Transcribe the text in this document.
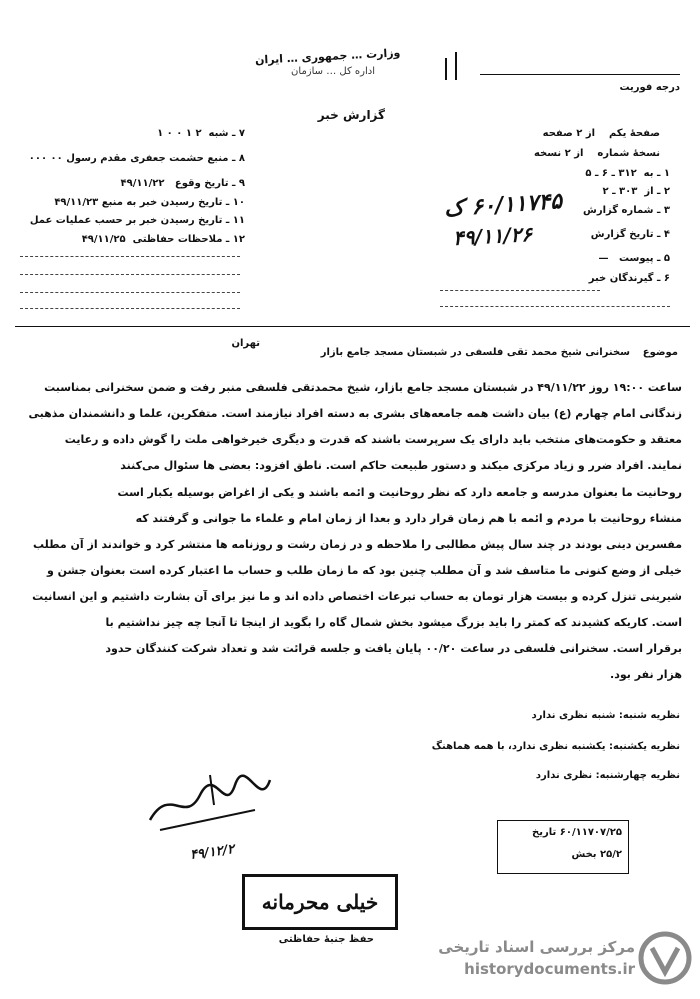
وزارت … جمهوری … ایران
اداره کل … سازمان
درجه فوریت
گزارش خبر
صفحۀ یکم    از ۲ صفحه
نسخۀ شماره    از ۲ نسخه
۱ ـ به  ۳۱۲ ـ ۶ ـ ۵
۲ ـ از  ۳۰۳ ـ ۲
۳ ـ شماره گزارش
۶۰/۱۱۷۴۵ ک
۴ ـ تاریخ گزارش
۴۹/۱۱/۲۶
۵ ـ پیوست   —
۶ ـ گیرندگان خبر
۷ ـ شبه  ۲ ۱ ۰ ۰ ۱
۸ ـ منبع حشمت جعفری مقدم رسول ۰۰ ۰۰۰
۹ ـ تاریخ وقوع   ۴۹/۱۱/۲۲
۱۰ ـ تاریخ رسیدن خبر به منبع ۴۹/۱۱/۲۳
۱۱ ـ تاریخ رسیدن خبر بر حسب عملیات عمل
۱۲ ـ ملاحظات حفاظتی  ۴۹/۱۱/۲۵
موضوع
سخنرانی شیخ محمد تقی فلسفی در شبستان مسجد جامع بازار
تهران
ساعت ۱۹:۰۰ روز ۴۹/۱۱/۲۲ در شبستان مسجد جامع بازار، شیخ محمدتقی فلسفی منبر رفت و ضمن سخنرانی بمناسبت
زندگانی امام چهارم (ع) بیان داشت همه جامعه‌های بشری به دسته افراد نیازمند است. متفکرین، علما و دانشمندان مذهبی
معتقد و حکومت‌های منتخب باید دارای یک سرپرست باشند که قدرت و دیگری خیرخواهی ملت را گوش داده و رعایت
نمایند. افراد ضرر و زیاد مرکزی میکند و دستور طبیعت حاکم است. ناطق افزود: بعضی ها سئوال می‌کنند
روحانیت ما بعنوان مدرسه و جامعه دارد که نظر روحانیت و ائمه باشند و یکی از اغراض بوسیله یکبار است
منشاء روحانیت با مردم و ائمه با هم زمان قرار دارد و بعدا از زمان امام و علماء ما جوانی و گرفتند که
مفسرین دینی بودند در چند سال پیش مطالبی را ملاحظه و در زمان رشت و روزنامه ها منتشر کرد و خواندند از آن مطلب
خیلی از وضع کنونی ما متاسف شد و آن مطلب چنین بود که ما زمان طلب و حساب ما اعتبار کرده است بعنوان جشن و
شیرینی تنزل کرده و بیست هزار تومان به حساب تبرعات اختصاص داده اند و ما نیز برای آن بشارت داشتیم و این انسانیت
است. کاریکه کشیدند که کمتر را باید بزرگ میشود بخش شمال گاه را بگوید از اینجا تا آنجا چه چیز نداشتیم با
برقرار است. سخنرانی فلسفی در ساعت ۰۰/۲۰ پایان یافت و جلسه قرائت شد و تعداد شرکت کنندگان حدود
هزار نفر بود.
نظریه شنبه: شنبه نظری ندارد
نظریه یکشنبه: یکشنبه نظری ندارد، با همه هماهنگ
نظریه چهارشنبه: نظری ندارد
۴۹/۱۲/۲
۶۰/۱۱۷۰۷/۲۵ تاریخ
۲۵/۲ بخش
خیلی محرمانه
حفظ جنبۀ حفاظتی	مرکز بررسی اسناد تاریخی
historydocuments.ir
